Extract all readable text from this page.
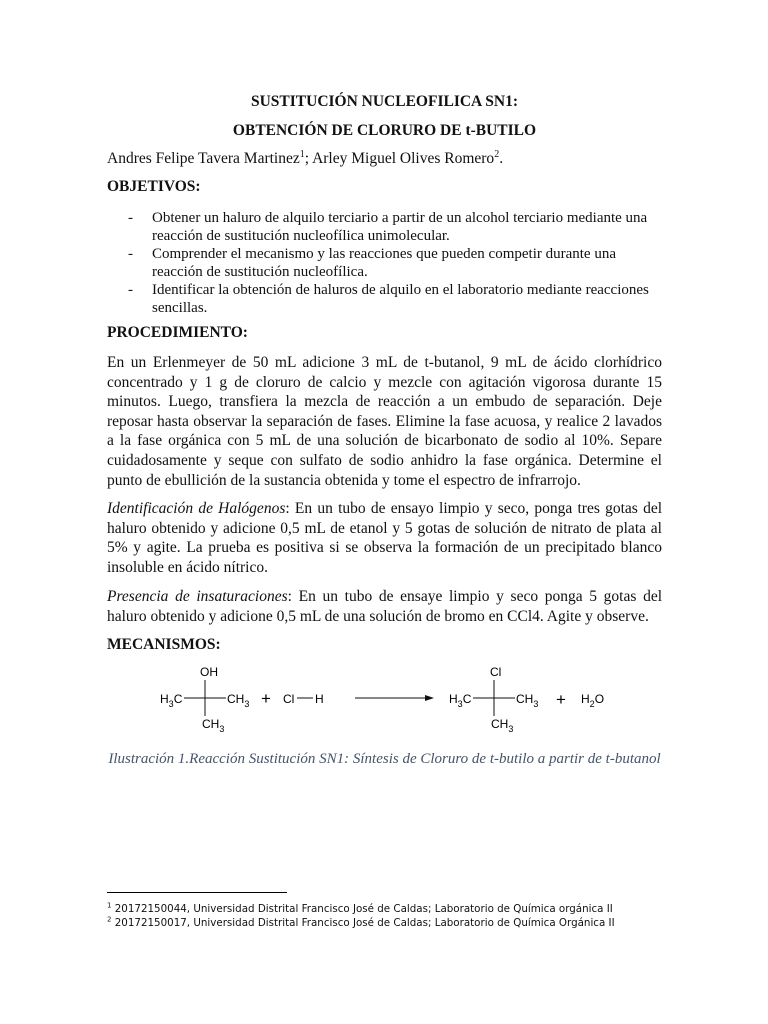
SUSTITUCIÓN NUCLEOFILICA SN1:
OBTENCIÓN DE CLORURO DE t-BUTILO
Andres Felipe Tavera Martinez$^1$; Arley Miguel Olives Romero$^2$.
OBJETIVOS:
- Obtener un haluro de alquilo terciario a partir de un alcohol terciario mediante una reacción de sustitución nucleofílica unimolecular.
- Comprender el mecanismo y las reacciones que pueden competir durante una reacción de sustitución nucleofílica.
- Identificar la obtención de haluros de alquilo en el laboratorio mediante reacciones sencillas.
PROCEDIMIENTO:
En un Erlenmeyer de 50 mL adicione 3 mL de t-butanol, 9 mL de ácido clorhídrico concentrado y 1 g de cloruro de calcio y mezcle con agitación vigorosa durante 15 minutos. Luego, transfiera la mezcla de reacción a un embudo de separación. Deje reposar hasta observar la separación de fases. Elimine la fase acuosa, y realice 2 lavados a la fase orgánica con 5 mL de una solución de bicarbonato de sodio al 10%. Separe cuidadosamente y seque con sulfato de sodio anhidro la fase orgánica. Determine el punto de ebullición de la sustancia obtenida y tome el espectro de infrarrojo.
Identificación de Halógenos: En un tubo de ensayo limpio y seco, ponga tres gotas del haluro obtenido y adicione 0,5 mL de etanol y 5 gotas de solución de nitrato de plata al 5% y agite. La prueba es positiva si se observa la formación de un precipitado blanco insoluble en ácido nítrico.
Presencia de insaturaciones: En un tubo de ensaye limpio y seco ponga 5 gotas del haluro obtenido y adicione 0,5 mL de una solución de bromo en CCl4. Agite y observe.
MECANISMOS:
Ilustración 1.Reacción Sustitución SN1: Síntesis de Cloruro de t-butilo a partir de t-butanol
OH
$H_3C$	$CH_3$
$CH_3$
+ Cl H
Cl
$H_3C$	$CH_3$
$CH_3$
+ $H_2O$
$^1$ 20172150044, Universidad Distrital Francisco José de Caldas; Laboratorio de Química orgánica II
$^2$ 20172150017, Universidad Distrital Francisco José de Caldas; Laboratorio de Química Orgánica II
